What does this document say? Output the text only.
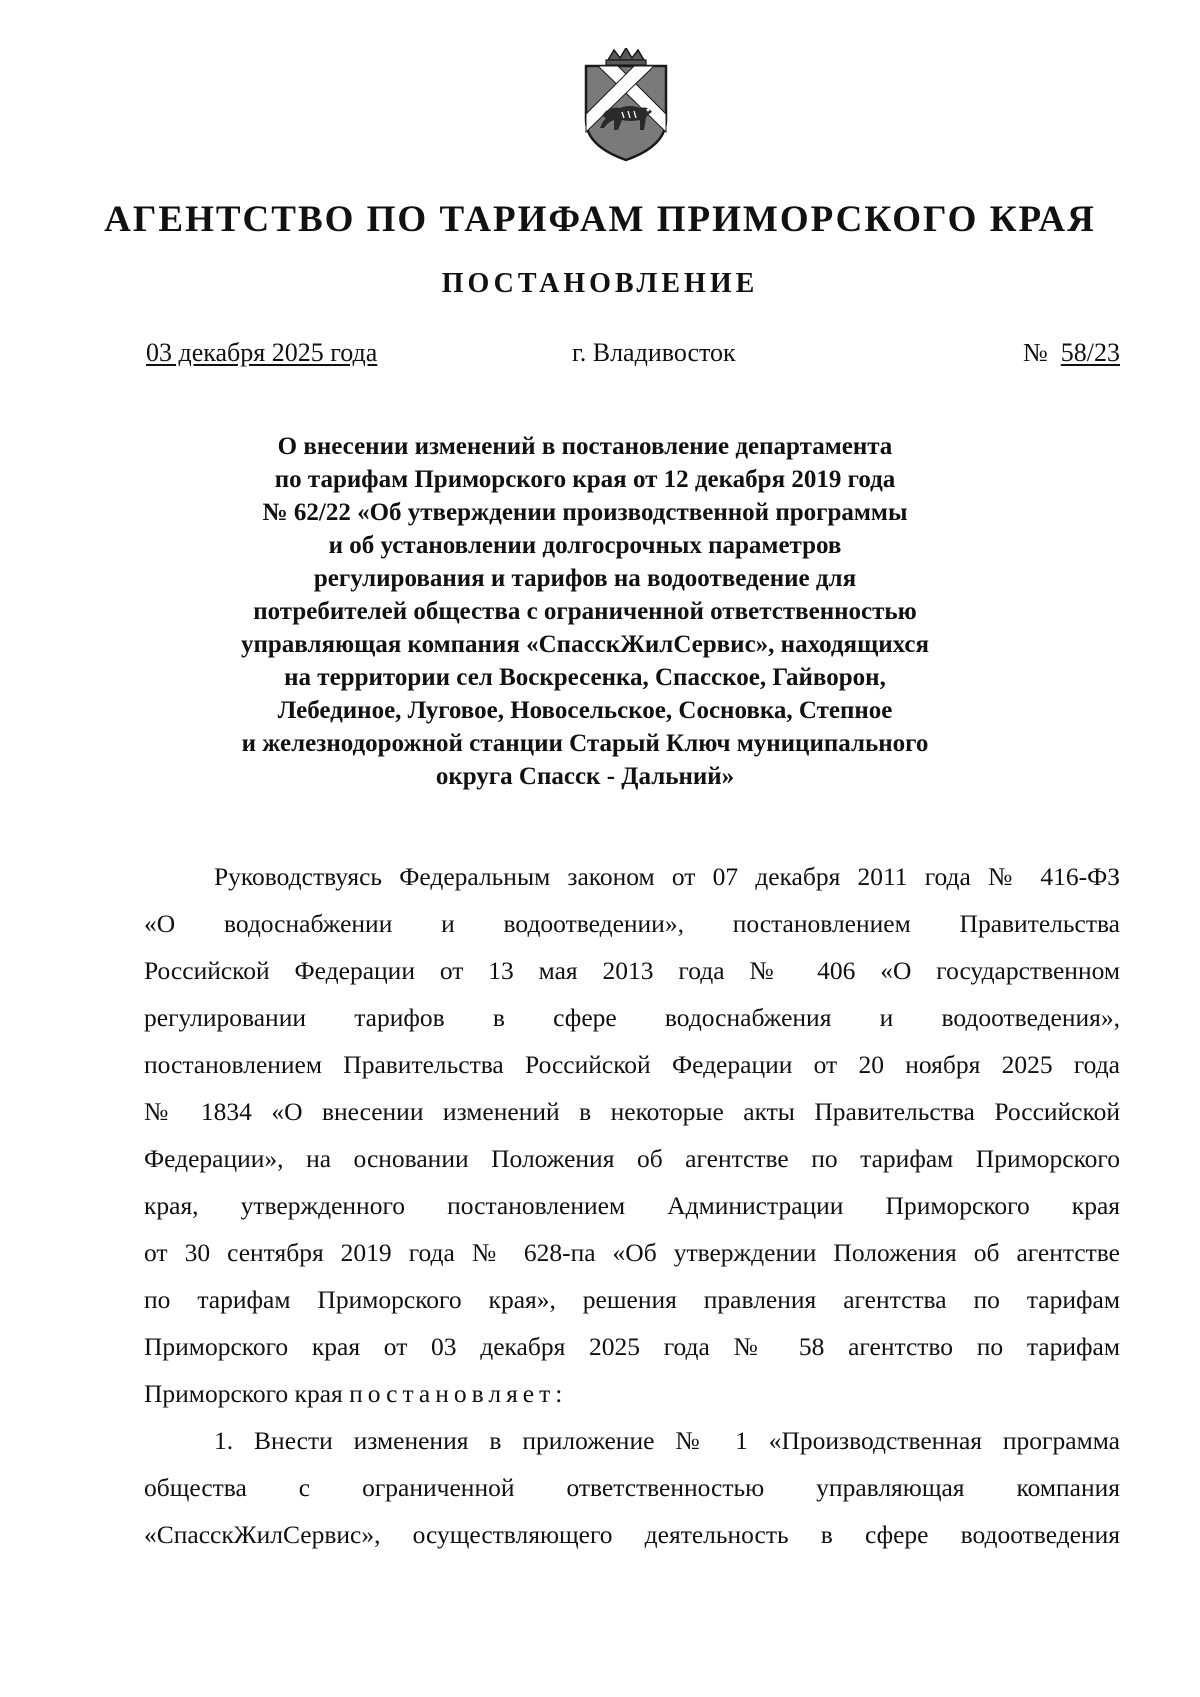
АГЕНТСТВО ПО ТАРИФАМ ПРИМОРСКОГО КРАЯ
ПОСТАНОВЛЕНИЕ
03 декабря 2025 года	г. Владивосток	№ 58/23
О внесении изменений в постановление департамента
по тарифам Приморского края от 12 декабря 2019 года
№ 62/22 «Об утверждении производственной программы
и об установлении долгосрочных параметров
регулирования и тарифов на водоотведение для
потребителей общества с ограниченной ответственностью
управляющая компания «СпасскЖилСервис», находящихся
на территории сел Воскресенка, Спасское, Гайворон,
Лебединое, Луговое, Новосельское, Сосновка, Степное
и железнодорожной станции Старый Ключ муниципального
округа Спасск - Дальний»
Руководствуясь Федеральным законом от 07 декабря 2011 года № 416-ФЗ
«О водоснабжении и водоотведении», постановлением Правительства
Российской Федерации от 13 мая 2013 года № 406 «О государственном
регулировании тарифов в сфере водоснабжения и водоотведения»,
постановлением Правительства Российской Федерации от 20 ноября 2025 года
№ 1834 «О внесении изменений в некоторые акты Правительства Российской
Федерации», на основании Положения об агентстве по тарифам Приморского
края, утвержденного постановлением Администрации Приморского края
от 30 сентября 2019 года № 628-па «Об утверждении Положения об агентстве
по тарифам Приморского края», решения правления агентства по тарифам
Приморского края от 03 декабря 2025 года № 58 агентство по тарифам
Приморского края постановляет:
1. Внести изменения в приложение № 1 «Производственная программа
общества с ограниченной ответственностью управляющая компания
«СпасскЖилСервис», осуществляющего деятельность в сфере водоотведения
